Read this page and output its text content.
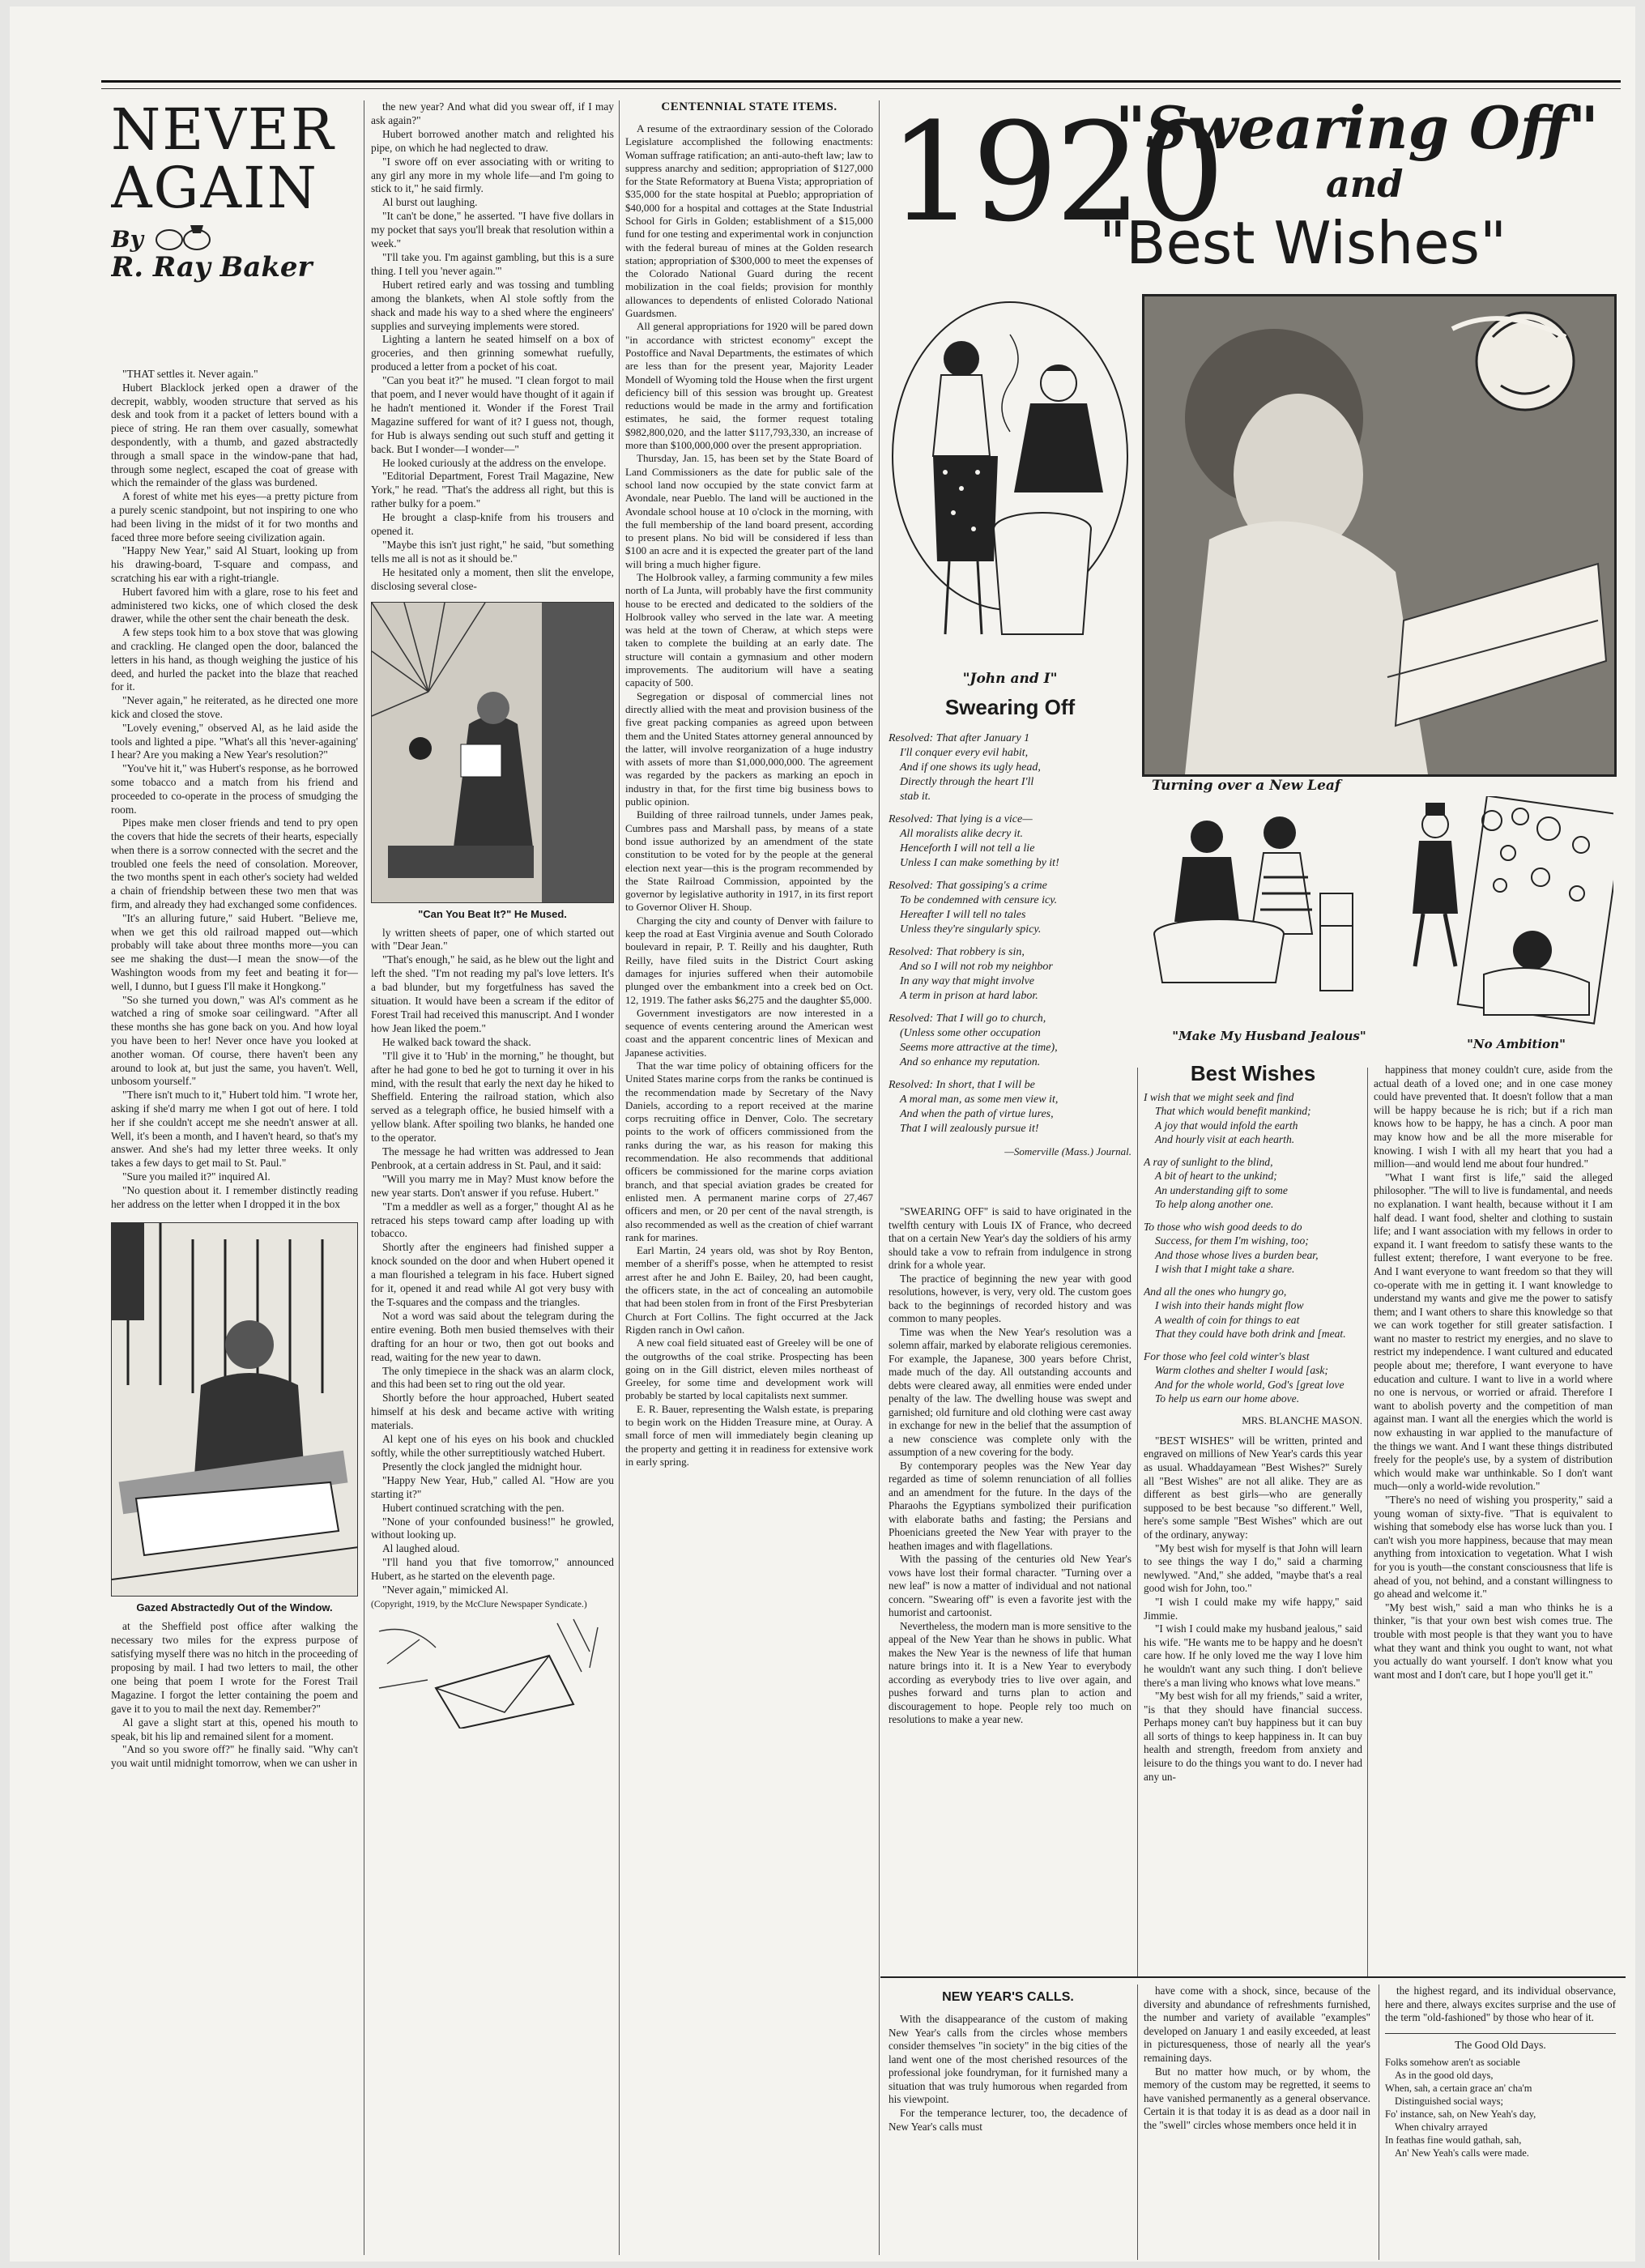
NEVER
AGAIN
By
R. Ray Baker

"THAT settles it. Never again."

Hubert Blacklock jerked open a drawer of the decrepit, wabbly, wooden structure that served as his desk and took from it a packet of letters bound with a piece of string. He ran them over casually, somewhat despondently, with a thumb, and gazed abstractedly through a small space in the window-pane that had, through some neglect, escaped the coat of grease with which the remainder of the glass was burdened.

A forest of white met his eyes—a pretty picture from a purely scenic standpoint, but not inspiring to one who had been living in the midst of it for two months and faced three more before seeing civilization again.

"Happy New Year," said Al Stuart, looking up from his drawing-board, T-square and compass, and scratching his ear with a right-triangle.

Hubert favored him with a glare, rose to his feet and administered two kicks, one of which closed the desk drawer, while the other sent the chair beneath the desk.

A few steps took him to a box stove that was glowing and crackling. He clanged open the door, balanced the letters in his hand, as though weighing the justice of his deed, and hurled the packet into the blaze that reached for it.

"Never again," he reiterated, as he directed one more kick and closed the stove.

"Lovely evening," observed Al, as he laid aside the tools and lighted a pipe. "What's all this 'never-againing' I hear? Are you making a New Year's resolution?"

"You've hit it," was Hubert's response, as he borrowed some tobacco and a match from his friend and proceeded to co-operate in the process of smudging the room.

Pipes make men closer friends and tend to pry open the covers that hide the secrets of their hearts, especially when there is a sorrow connected with the secret and the troubled one feels the need of consolation. Moreover, the two months spent in each other's society had welded a chain of friendship between these two men that was firm, and already they had exchanged some confidences.

"It's an alluring future," said Hubert. "Believe me, when we get this old railroad mapped out—which probably will take about three months more—you can see me shaking the dust—I mean the snow—of the Washington woods from my feet and beating it for—well, I dunno, but I guess I'll make it Hongkong."

"So she turned you down," was Al's comment as he watched a ring of smoke soar ceilingward. "After all these months she has gone back on you. And how loyal you have been to her! Never once have you looked at another woman. Of course, there haven't been any around to look at, but just the same, you haven't. Well, unbosom yourself."

"There isn't much to it," Hubert told him. "I wrote her, asking if she'd marry me when I got out of here. I told her if she couldn't accept me she needn't answer at all. Well, it's been a month, and I haven't heard, so that's my answer. And she's had my letter three weeks. It only takes a few days to get mail to St. Paul."

"Sure you mailed it?" inquired Al.

"No question about it. I remember distinctly reading her address on the letter when I dropped it in the box

Gazed Abstractedly Out of the Window.

at the Sheffield post office after walking the necessary two miles for the express purpose of satisfying myself there was no hitch in the proceeding of proposing by mail. I had two letters to mail, the other one being that poem I wrote for the Forest Trail Magazine. I forgot the letter containing the poem and gave it to you to mail the next day. Remember?"

Al gave a slight start at this, opened his mouth to speak, bit his lip and remained silent for a moment.

"And so you swore off?" he finally said. "Why can't you wait until midnight tomorrow, when we can usher in

the new year? And what did you swear off, if I may ask again?"

Hubert borrowed another match and relighted his pipe, on which he had neglected to draw.

"I swore off on ever associating with or writing to any girl any more in my whole life—and I'm going to stick to it," he said firmly.

Al burst out laughing.

"It can't be done," he asserted. "I have five dollars in my pocket that says you'll break that resolution within a week."

"I'll take you. I'm against gambling, but this is a sure thing. I tell you 'never again.'"

Hubert retired early and was tossing and tumbling among the blankets, when Al stole softly from the shack and made his way to a shed where the engineers' supplies and surveying implements were stored.

Lighting a lantern he seated himself on a box of groceries, and then grinning somewhat ruefully, produced a letter from a pocket of his coat.

"Can you beat it?" he mused. "I clean forgot to mail that poem, and I never would have thought of it again if he hadn't mentioned it. Wonder if the Forest Trail Magazine suffered for want of it? I guess not, though, for Hub is always sending out such stuff and getting it back. But I wonder—I wonder—"

He looked curiously at the address on the envelope.

"Editorial Department, Forest Trail Magazine, New York," he read. "That's the address all right, but this is rather bulky for a poem."

He brought a clasp-knife from his trousers and opened it.

"Maybe this isn't just right," he said, "but something tells me all is not as it should be."

He hesitated only a moment, then slit the envelope, disclosing several close-

"Can You Beat It?" He Mused.

ly written sheets of paper, one of which started out with "Dear Jean."

"That's enough," he said, as he blew out the light and left the shed. "I'm not reading my pal's love letters. It's a bad blunder, but my forgetfulness has saved the situation. It would have been a scream if the editor of Forest Trail had received this manuscript. And I wonder how Jean liked the poem."

He walked back toward the shack.

"I'll give it to 'Hub' in the morning," he thought, but after he had gone to bed he got to turning it over in his mind, with the result that early the next day he hiked to Sheffield. Entering the railroad station, which also served as a telegraph office, he busied himself with a yellow blank. After spoiling two blanks, he handed one to the operator.

The message he had written was addressed to Jean Penbrook, at a certain address in St. Paul, and it said:

"Will you marry me in May? Must know before the new year starts. Don't answer if you refuse. Hubert."

"I'm a meddler as well as a forger," thought Al as he retraced his steps toward camp after loading up with tobacco.

Shortly after the engineers had finished supper a knock sounded on the door and when Hubert opened it a man flourished a telegram in his face. Hubert signed for it, opened it and read while Al got very busy with the T-squares and the compass and the triangles.

Not a word was said about the telegram during the entire evening. Both men busied themselves with their drafting for an hour or two, then got out books and read, waiting for the new year to dawn.

The only timepiece in the shack was an alarm clock, and this had been set to ring out the old year.

Shortly before the hour approached, Hubert seated himself at his desk and became active with writing materials.

Al kept one of his eyes on his book and chuckled softly, while the other surreptitiously watched Hubert.

Presently the clock jangled the midnight hour.

"Happy New Year, Hub," called Al. "How are you starting it?"

Hubert continued scratching with the pen.

"None of your confounded business!" he growled, without looking up.

Al laughed aloud.

"I'll hand you that five tomorrow," announced Hubert, as he started on the eleventh page.

"Never again," mimicked Al.

(Copyright, 1919, by the McClure Newspaper Syndicate.)
CENTENNIAL STATE ITEMS.

A resume of the extraordinary session of the Colorado Legislature accomplished the following enactments: Woman suffrage ratification; an anti-auto-theft law; law to suppress anarchy and sedition; appropriation of $127,000 for the State Reformatory at Buena Vista; appropriation of $35,000 for the state hospital at Pueblo; appropriation of $40,000 for a hospital and cottages at the State Industrial School for Girls in Golden; establishment of a $15,000 fund for one testing and experimental work in conjunction with the federal bureau of mines at the Golden research station; appropriation of $300,000 to meet the expenses of the Colorado National Guard during the recent mobilization in the coal fields; provision for monthly allowances to dependents of enlisted Colorado National Guardsmen.

All general appropriations for 1920 will be pared down "in accordance with strictest economy" except the Postoffice and Naval Departments, the estimates of which are less than for the present year, Majority Leader Mondell of Wyoming told the House when the first urgent deficiency bill of this session was brought up. Greatest reductions would be made in the army and fortification estimates, he said, the former request totaling $982,800,020, and the latter $117,793,330, an increase of more than $100,000,000 over the present appropriation.

Thursday, Jan. 15, has been set by the State Board of Land Commissioners as the date for public sale of the school land now occupied by the state convict farm at Avondale, near Pueblo. The land will be auctioned in the Avondale school house at 10 o'clock in the morning, with the full membership of the land board present, according to present plans. No bid will be considered if less than $100 an acre and it is expected the greater part of the land will bring a much higher figure.

The Holbrook valley, a farming community a few miles north of La Junta, will probably have the first community house to be erected and dedicated to the soldiers of the Holbrook valley who served in the late war. A meeting was held at the town of Cheraw, at which steps were taken to complete the building at an early date. The structure will contain a gymnasium and other modern improvements. The auditorium will have a seating capacity of 500.

Segregation or disposal of commercial lines not directly allied with the meat and provision business of the five great packing companies as agreed upon between them and the United States attorney general announced by the latter, will involve reorganization of a huge industry with assets of more than $1,000,000,000. The agreement was regarded by the packers as marking an epoch in industry in that, for the first time big business bows to public opinion.

Building of three railroad tunnels, under James peak, Cumbres pass and Marshall pass, by means of a state bond issue authorized by an amendment of the state constitution to be voted for by the people at the general election next year—this is the program recommended by the State Railroad Commission, appointed by the governor by legislative authority in 1917, in its first report to Governor Oliver H. Shoup.

Charging the city and county of Denver with failure to keep the road at East Virginia avenue and South Colorado boulevard in repair, P. T. Reilly and his daughter, Ruth Reilly, have filed suits in the District Court asking damages for injuries suffered when their automobile plunged over the embankment into a creek bed on Oct. 12, 1919. The father asks $6,275 and the daughter $5,000.

Government investigators are now interested in a sequence of events centering around the American west coast and the apparent concentric lines of Mexican and Japanese activities.

That the war time policy of obtaining officers for the United States marine corps from the ranks be continued is the recommendation made by Secretary of the Navy Daniels, according to a report received at the marine corps recruiting office in Denver, Colo. The secretary points to the work of officers commissioned from the ranks during the war, as his reason for making this recommendation. He also recommends that additional officers be commissioned for the marine corps aviation branch, and that special aviation grades be created for enlisted men. A permanent marine corps of 27,467 officers and men, or 20 per cent of the naval strength, is also recommended as well as the creation of chief warrant rank for marines.

Earl Martin, 24 years old, was shot by Roy Benton, member of a sheriff's posse, when he attempted to resist arrest after he and John E. Bailey, 20, had been caught, the officers state, in the act of concealing an automobile that had been stolen from in front of the First Presbyterian Church at Fort Collins. The fight occurred at the Jack Rigden ranch in Owl cañon.

A new coal field situated east of Greeley will be one of the outgrowths of the coal strike. Prospecting has been going on in the Gill district, eleven miles northeast of Greeley, for some time and development work will probably be started by local capitalists next summer.

E. R. Bauer, representing the Walsh estate, is preparing to begin work on the Hidden Treasure mine, at Ouray. A small force of men will immediately begin cleaning up the property and getting it in readiness for extensive work in early spring.

1920
"Swearing Off"
and
"Best Wishes"
"John and I"
Swearing Off
Resolved: That after January 1
I'll conquer every evil habit,
And if one shows its ugly head,
Directly through the heart I'll
stab it.
Resolved: That lying is a vice—
All moralists alike decry it.
Henceforth I will not tell a lie
Unless I can make something by it!
Resolved: That gossiping's a crime
To be condemned with censure icy.
Hereafter I will tell no tales
Unless they're singularly spicy.
Resolved: That robbery is sin,
And so I will not rob my neighbor
In any way that might involve
A term in prison at hard labor.
Resolved: That I will go to church,
(Unless some other occupation
Seems more attractive at the time),
And so enhance my reputation.
Resolved: In short, that I will be
A moral man, as some men view it,
And when the path of virtue lures,
That I will zealously pursue it!
—Somerville (Mass.) Journal.
Turning over a New Leaf
"Make My Husband Jealous"
"No Ambition"

"SWEARING OFF" is said to have originated in the twelfth century with Louis IX of France, who decreed that on a certain New Year's day the soldiers of his army should take a vow to refrain from indulgence in strong drink for a whole year.

The practice of beginning the new year with good resolutions, however, is very, very old. The custom goes back to the beginnings of recorded history and was common to many peoples.

Time was when the New Year's resolution was a solemn affair, marked by elaborate religious ceremonies. For example, the Japanese, 300 years before Christ, made much of the day. All outstanding accounts and debts were cleared away, all enmities were ended under penalty of the law. The dwelling house was swept and garnished; old furniture and old clothing were cast away in exchange for new in the belief that the assumption of a new conscience was complete only with the assumption of a new covering for the body.

By contemporary peoples was the New Year day regarded as time of solemn renunciation of all follies and an amendment for the future. In the days of the Pharaohs the Egyptians symbolized their purification with elaborate baths and fasting; the Persians and Phoenicians greeted the New Year with prayer to the heathen images and with flagellations.

With the passing of the centuries old New Year's vows have lost their formal character. "Turning over a new leaf" is now a matter of individual and not national concern. "Swearing off" is even a favorite jest with the humorist and cartoonist.

Nevertheless, the modern man is more sensitive to the appeal of the New Year than he shows in public. What makes the New Year is the newness of life that human nature brings into it. It is a New Year to everybody according as everybody tries to live over again, and pushes forward and turns plan to action and discouragement to hope. People rely too much on resolutions to make a year new.

Best Wishes
I wish that we might seek and find
That which would benefit mankind;
A joy that would infold the earth
And hourly visit at each hearth.
A ray of sunlight to the blind,
A bit of heart to the unkind;
An understanding gift to some
To help along another one.
To those who wish good deeds to do
Success, for them I'm wishing, too;
And those whose lives a burden bear,
I wish that I might take a share.
And all the ones who hungry go,
I wish into their hands might flow
A wealth of coin for things to eat
That they could have both drink and [meat.
For those who feel cold winter's blast
Warm clothes and shelter I would [ask;
And for the whole world, God's [great love
To help us earn our home above.
MRS. BLANCHE MASON.

"BEST WISHES" will be written, printed and engraved on millions of New Year's cards this year as usual. Whaddayamean "Best Wishes?" Surely all "Best Wishes" are not all alike. They are as different as best girls—who are generally supposed to be best because "so different." Well, here's some sample "Best Wishes" which are out of the ordinary, anyway:

"My best wish for myself is that John will learn to see things the way I do," said a charming newlywed. "And," she added, "maybe that's a real good wish for John, too."

"I wish I could make my wife happy," said Jimmie.

"I wish I could make my husband jealous," said his wife. "He wants me to be happy and he doesn't care how. If he only loved me the way I love him he wouldn't want any such thing. I don't believe there's a man living who knows what love means."

"My best wish for all my friends," said a writer, "is that they should have financial success. Perhaps money can't buy happiness but it can buy all sorts of things to keep happiness in. It can buy health and strength, freedom from anxiety and leisure to do the things you want to do. I never had any un-

happiness that money couldn't cure, aside from the actual death of a loved one; and in one case money could have prevented that. It doesn't follow that a man will be happy because he is rich; but if a rich man knows how to be happy, he has a cinch. A poor man may know how and be all the more miserable for knowing. I wish I with all my heart that you had a million—and would lend me about four hundred."

"What I want first is life," said the alleged philosopher. "The will to live is fundamental, and needs no explanation. I want health, because without it I am half dead. I want food, shelter and clothing to sustain life; and I want association with my fellows in order to expand it. I want freedom to satisfy these wants to the fullest extent; therefore, I want everyone to be free. And I want everyone to want freedom so that they will co-operate with me in getting it. I want knowledge to understand my wants and give me the power to satisfy them; and I want others to share this knowledge so that we can work together for still greater satisfaction. I want no master to restrict my energies, and no slave to restrict my independence. I want cultured and educated people about me; therefore, I want everyone to have education and culture. I want to live in a world where no one is nervous, or worried or afraid. Therefore I want to abolish poverty and the competition of man against man. I want all the energies which the world is now exhausting in war applied to the manufacture of the things we want. And I want these things distributed freely for the people's use, by a system of distribution which would make war unthinkable. So I don't want much—only a world-wide revolution."

"There's no need of wishing you prosperity," said a young woman of sixty-five. "That is equivalent to wishing that somebody else has worse luck than you. I can't wish you more happiness, because that may mean anything from intoxication to vegetation. What I wish for you is youth—the constant consciousness that life is ahead of you, not behind, and a constant willingness to go ahead and welcome it."

"My best wish," said a man who thinks he is a thinker, "is that your own best wish comes true. The trouble with most people is that they want you to have what they want and think you ought to want, not what you actually do want yourself. I don't know what you want most and I don't care, but I hope you'll get it."

NEW YEAR'S CALLS.

With the disappearance of the custom of making New Year's calls from the circles whose members consider themselves "in society" in the big cities of the land went one of the most cherished resources of the professional joke foundryman, for it furnished many a situation that was truly humorous when regarded from his viewpoint.

For the temperance lecturer, too, the decadence of New Year's calls must

have come with a shock, since, because of the diversity and abundance of refreshments furnished, the number and variety of available "examples" developed on January 1 and easily exceeded, at least in picturesqueness, those of nearly all the year's remaining days.

But no matter how much, or by whom, the memory of the custom may be regretted, it seems to have vanished permanently as a general observance. Certain it is that today it is as dead as a door nail in the "swell" circles whose members once held it in

the highest regard, and its individual observance, here and there, always excites surprise and the use of the term "old-fashioned" by those who hear of it.

The Good Old Days.
Folks somehow aren't as sociable
As in the good old days,
When, sah, a certain grace an' cha'm
Distinguished social ways;
Fo' instance, sah, on New Yeah's day,
When chivalry arrayed
In feathas fine would gathah, sah,
An' New Yeah's calls were made.
